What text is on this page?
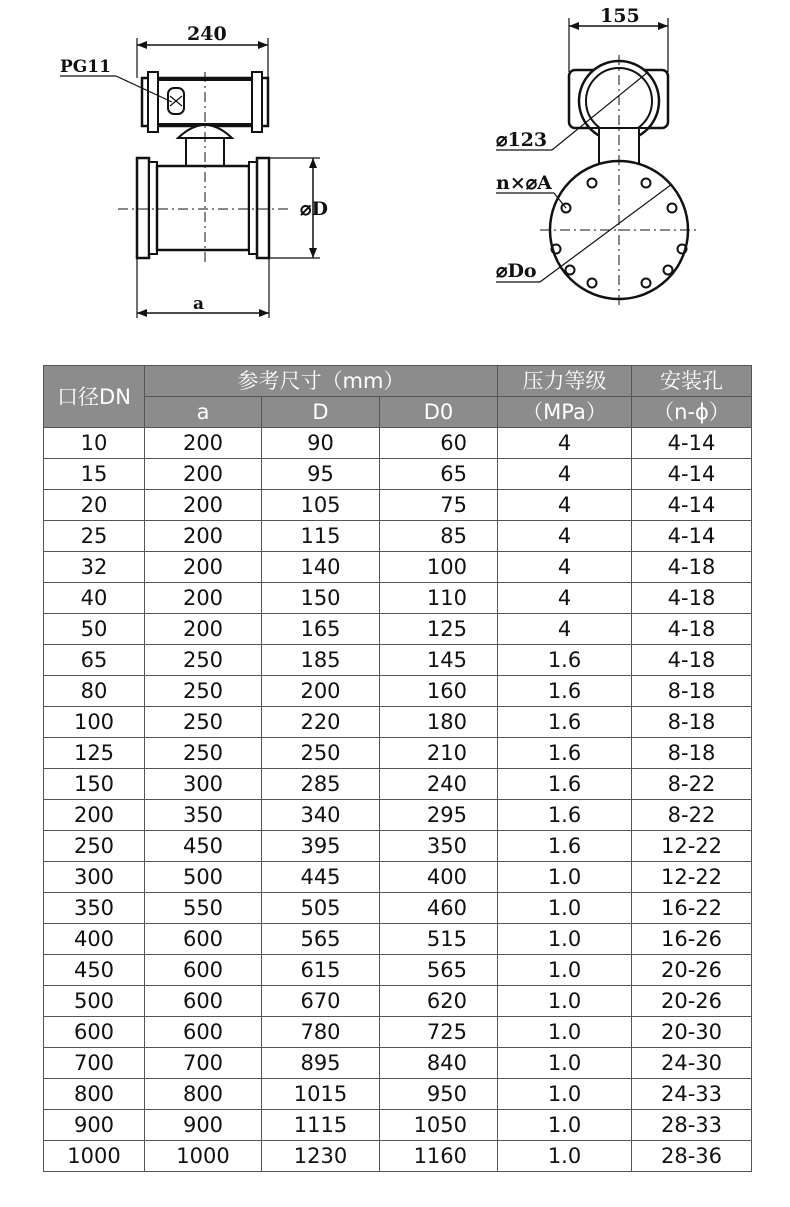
240
PG11
⌀D
a
155
⌀123
n×⌀A
⌀Do
口径DN	参考尺寸（mm）			压力等级	安装孔
	a	D	D0	（MPa）	（n-ϕ）
10	200	90	60	4	4-14
15	200	95	65	4	4-14
20	200	105	75	4	4-14
25	200	115	85	4	4-14
32	200	140	100	4	4-18
40	200	150	110	4	4-18
50	200	165	125	4	4-18
65	250	185	145	1.6	4-18
80	250	200	160	1.6	8-18
100	250	220	180	1.6	8-18
125	250	250	210	1.6	8-18
150	300	285	240	1.6	8-22
200	350	340	295	1.6	8-22
250	450	395	350	1.6	12-22
300	500	445	400	1.0	12-22
350	550	505	460	1.0	16-22
400	600	565	515	1.0	16-26
450	600	615	565	1.0	20-26
500	600	670	620	1.0	20-26
600	600	780	725	1.0	20-30
700	700	895	840	1.0	24-30
800	800	1015	950	1.0	24-33
900	900	1115	1050	1.0	28-33
1000	1000	1230	1160	1.0	28-36
